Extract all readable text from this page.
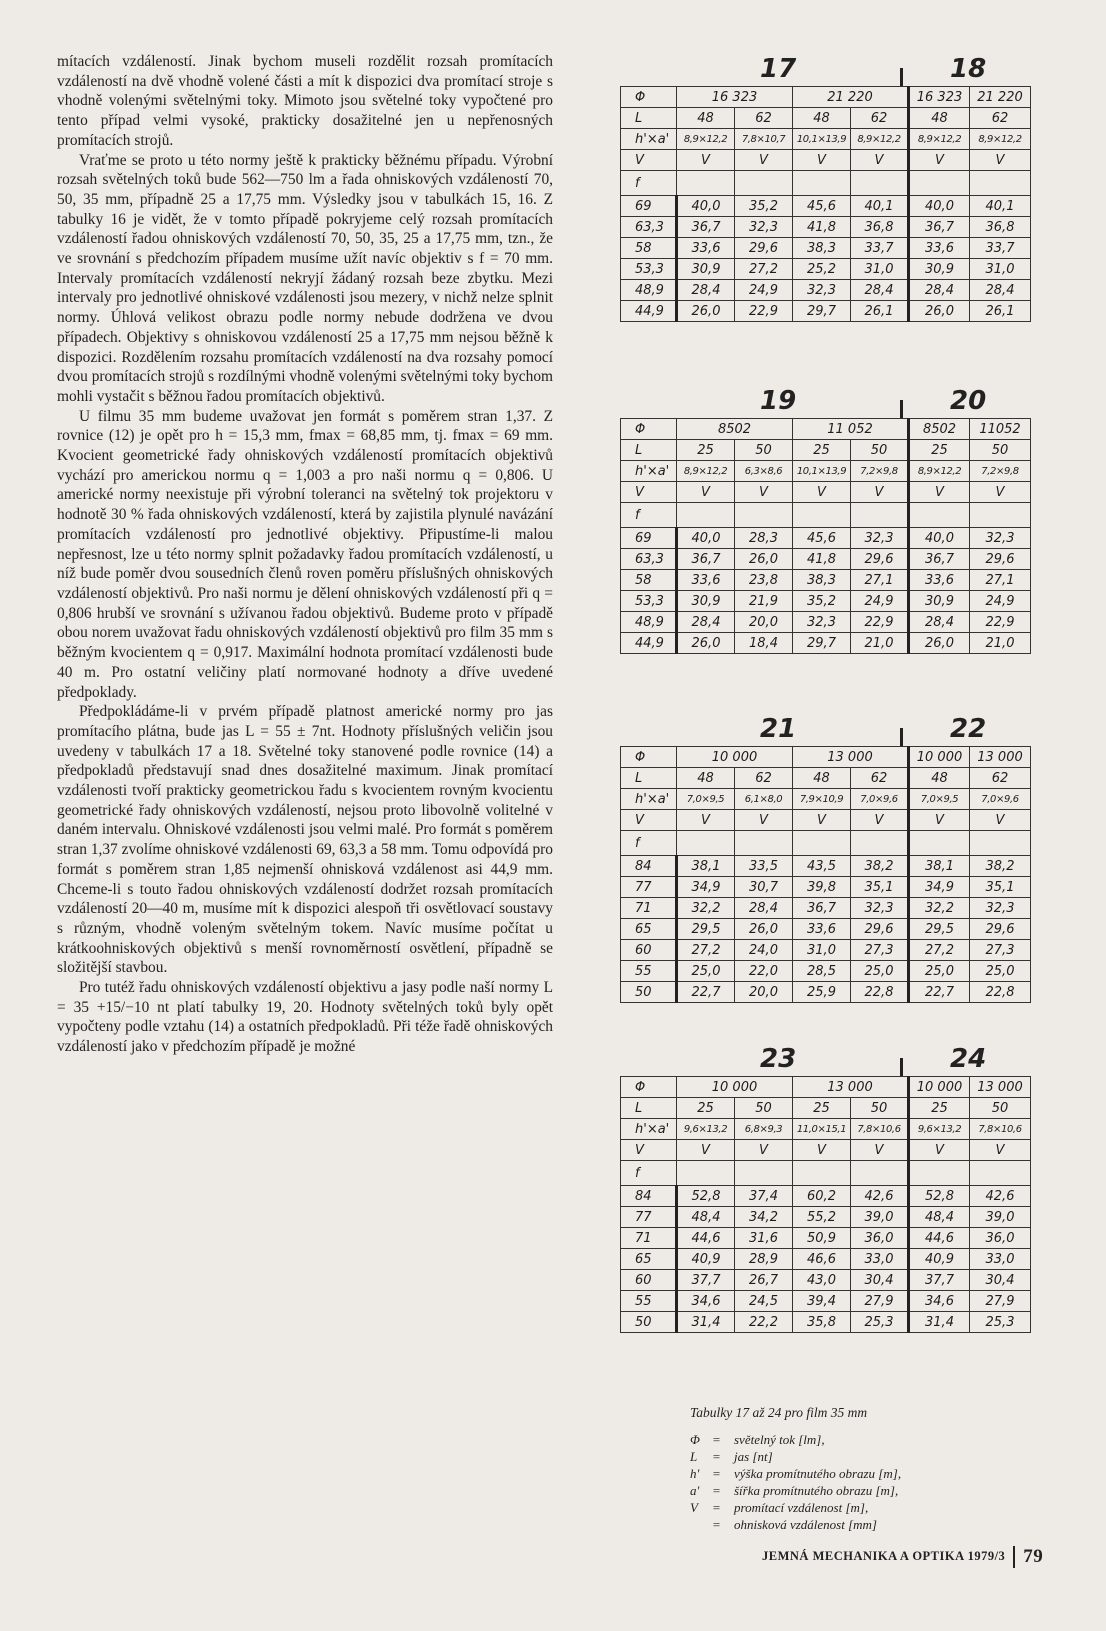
mítacích vzdáleností. Jinak bychom museli rozdělit rozsah promítacích vzdáleností na dvě vhodně volené části a mít k dispozici dva promítací stroje s vhodně volenými světelnými toky. Mimoto jsou světelné toky vypočtené pro tento případ velmi vysoké, prakticky dosažitelné jen u nepřenosných promítacích strojů.

Vraťme se proto u této normy ještě k prakticky běžnému případu. Výrobní rozsah světelných toků bude 562—750 lm a řada ohniskových vzdáleností 70, 50, 35 mm, případně 25 a 17,75 mm. Výsledky jsou v tabulkách 15, 16. Z tabulky 16 je vidět, že v tomto případě pokryjeme celý rozsah promítacích vzdáleností řadou ohniskových vzdáleností 70, 50, 35, 25 a 17,75 mm, tzn., že ve srovnání s předchozím případem musíme užít navíc objektiv s f = 70 mm. Intervaly promítacích vzdáleností nekryjí žádaný rozsah beze zbytku. Mezi intervaly pro jednotlivé ohniskové vzdálenosti jsou mezery, v nichž nelze splnit normy. Úhlová velikost obrazu podle normy nebude dodržena ve dvou případech. Objektivy s ohniskovou vzdáleností 25 a 17,75 mm nejsou běžně k dispozici. Rozdělením rozsahu promítacích vzdáleností na dva rozsahy pomocí dvou promítacích strojů s rozdílnými vhodně volenými světelnými toky bychom mohli vystačit s běžnou řadou promítacích objektivů.

U filmu 35 mm budeme uvažovat jen formát s poměrem stran 1,37. Z rovnice (12) je opět pro h = 15,3 mm, fmax = 68,85 mm, tj. fmax = 69 mm. Kvocient geometrické řady ohniskových vzdáleností promítacích objektivů vychází pro americkou normu q = 1,003 a pro naši normu q = 0,806. U americké normy neexistuje při výrobní toleranci na světelný tok projektoru v hodnotě 30 % řada ohniskových vzdáleností, která by zajistila plynulé navázání promítacích vzdáleností pro jednotlivé objektivy. Připustíme-li malou nepřesnost, lze u této normy splnit požadavky řadou promítacích vzdáleností, u níž bude poměr dvou sousedních členů roven poměru příslušných ohniskových vzdáleností objektivů. Pro naši normu je dělení ohniskových vzdáleností při q = 0,806 hrubší ve srovnání s užívanou řadou objektivů. Budeme proto v případě obou norem uvažovat řadu ohniskových vzdáleností objektivů pro film 35 mm s běžným kvocientem q = 0,917. Maximální hodnota promítací vzdálenosti bude 40 m. Pro ostatní veličiny platí normované hodnoty a dříve uvedené předpoklady.

Předpokládáme-li v prvém případě platnost americké normy pro jas promítacího plátna, bude jas L = 55 ± 7nt. Hodnoty příslušných veličin jsou uvedeny v tabulkách 17 a 18. Světelné toky stanovené podle rovnice (14) a předpokladů představují snad dnes dosažitelné maximum. Jinak promítací vzdálenosti tvoří prakticky geometrickou řadu s kvocientem rovným kvocientu geometrické řady ohniskových vzdáleností, nejsou proto libovolně volitelné v daném intervalu. Ohniskové vzdálenosti jsou velmi malé. Pro formát s poměrem stran 1,37 zvolíme ohniskové vzdálenosti 69, 63,3 a 58 mm. Tomu odpovídá pro formát s poměrem stran 1,85 nejmenší ohnisková vzdálenost asi 44,9 mm. Chceme-li s touto řadou ohniskových vzdáleností dodržet rozsah promítacích vzdáleností 20—40 m, musíme mít k dispozici alespoň tři osvětlovací soustavy s různým, vhodně voleným světelným tokem. Navíc musíme počítat u krátkoohniskových objektivů s menší rovnoměrností osvětlení, případně se složitější stavbou.

Pro tutéž řadu ohniskových vzdáleností objektivu a jasy podle naší normy L = 35 +15/−10 nt platí tabulky 19, 20. Hodnoty světelných toků byly opět vypočteny podle vztahu (14) a ostatních předpokladů. Při téže řadě ohniskových vzdáleností jako v předchozím případě je možné

17	18
Φ	16 323		21 220		16 323	21 220
L	48	62	48	62	48	62
h'×a'	8,9×12,2	7,8×10,7	10,1×13,9	8,9×12,2	8,9×12,2	8,9×12,2
V	V	V	V	V	V	V
f						
69	40,0	35,2	45,6	40,1	40,0	40,1
63,3	36,7	32,3	41,8	36,8	36,7	36,8
58	33,6	29,6	38,3	33,7	33,6	33,7
53,3	30,9	27,2	25,2	31,0	30,9	31,0
48,9	28,4	24,9	32,3	28,4	28,4	28,4
44,9	26,0	22,9	29,7	26,1	26,0	26,1
19	20
Φ	8502		11 052		8502	11052
L	25	50	25	50	25	50
h'×a'	8,9×12,2	6,3×8,6	10,1×13,9	7,2×9,8	8,9×12,2	7,2×9,8
V	V	V	V	V	V	V
f						
69	40,0	28,3	45,6	32,3	40,0	32,3
63,3	36,7	26,0	41,8	29,6	36,7	29,6
58	33,6	23,8	38,3	27,1	33,6	27,1
53,3	30,9	21,9	35,2	24,9	30,9	24,9
48,9	28,4	20,0	32,3	22,9	28,4	22,9
44,9	26,0	18,4	29,7	21,0	26,0	21,0
21	22
Φ	10 000		13 000		10 000	13 000
L	48	62	48	62	48	62
h'×a'	7,0×9,5	6,1×8,0	7,9×10,9	7,0×9,6	7,0×9,5	7,0×9,6
V	V	V	V	V	V	V
f						
84	38,1	33,5	43,5	38,2	38,1	38,2
77	34,9	30,7	39,8	35,1	34,9	35,1
71	32,2	28,4	36,7	32,3	32,2	32,3
65	29,5	26,0	33,6	29,6	29,5	29,6
60	27,2	24,0	31,0	27,3	27,2	27,3
55	25,0	22,0	28,5	25,0	25,0	25,0
50	22,7	20,0	25,9	22,8	22,7	22,8
23	24
Φ	10 000		13 000		10 000	13 000
L	25	50	25	50	25	50
h'×a'	9,6×13,2	6,8×9,3	11,0×15,1	7,8×10,6	9,6×13,2	7,8×10,6
V	V	V	V	V	V	V
f						
84	52,8	37,4	60,2	42,6	52,8	42,6
77	48,4	34,2	55,2	39,0	48,4	39,0
71	44,6	31,6	50,9	36,0	44,6	36,0
65	40,9	28,9	46,6	33,0	40,9	33,0
60	37,7	26,7	43,0	30,4	37,7	30,4
55	34,6	24,5	39,4	27,9	34,6	27,9
50	31,4	22,2	35,8	25,3	31,4	25,3
Tabulky 17 až 24 pro film 35 mm
Φ =	světelný tok [lm],
L	=	jas [nt]
h' =	výška promítnutého obrazu [m],
a' =	šířka promítnutého obrazu [m],
V	=	promítací vzdálenost [m],
=	ohnisková vzdálenost [mm]
JEMNÁ MECHANIKA A OPTIKA 1979/3 79
